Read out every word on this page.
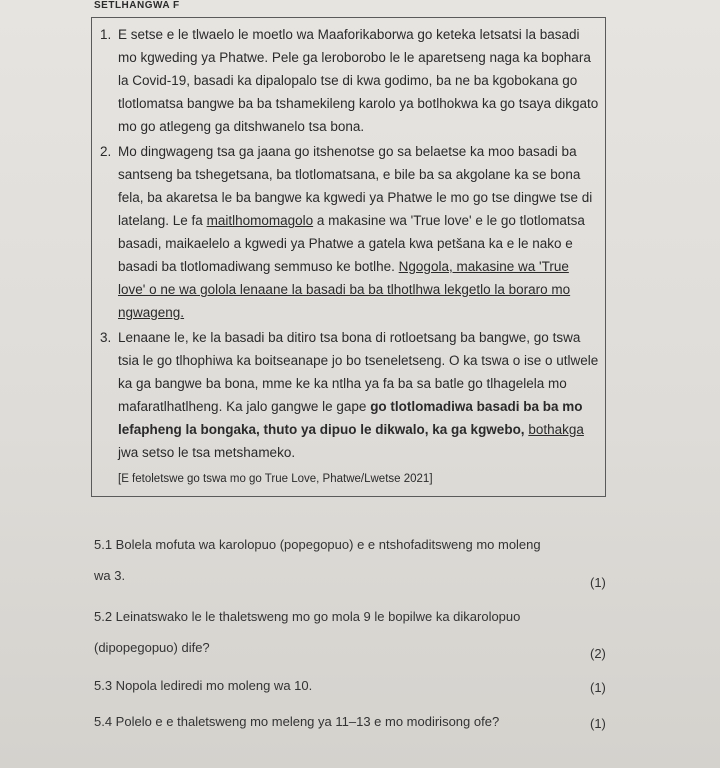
SETLHANGWA F
1. E setse e le tlwaelo le moetlo wa Maaforikaborwa go keteka letsatsi la basadi
mo kgweding ya Phatwe. Pele ga leroborobo le le aparetseng naga ka bophara
la Covid-19, basadi ka dipalopalo tse di kwa godimo, ba ne ba kgobokana go
tlotlomatsa bangwe ba ba tshamekileng karolo ya botlhokwa ka go tsaya dikgato
mo go atlegeng ga ditshwanelo tsa bona.
2. Mo dingwageng tsa ga jaana go itshenotse go sa belaetse ka moo basadi ba
santseng ba tshegetsana, ba tlotlomatsana, e bile ba sa akgolane ka se bona
fela, ba akaretsa le ba bangwe ka kgwedi ya Phatwe le mo go tse dingwe tse di
latelang. Le fa maitlhomomagolo a makasine wa 'True love' e le go tlotlomatsa
basadi, maikaelelo a kgwedi ya Phatwe a gatela kwa petšana ka e le nako e
basadi ba tlotlomadiwang semmuso ke botlhe. Ngogola, makasine wa 'True
love' o ne wa golola lenaane la basadi ba ba tlhotlhwa lekgetlo la boraro mo
ngwageng.
3. Lenaane le, ke la basadi ba ditiro tsa bona di rotloetsang ba bangwe, go tswa
tsia le go tlhophiwa ka boitseanape jo bo tseneletseng. O ka tswa o ise o utlwele
ka ga bangwe ba bona, mme ke ka ntlha ya fa ba sa batle go tlhagelela mo
mafaratlhatlheng. Ka jalo gangwe le gape go tlotlomadiwa basadi ba ba mo
lefapheng la bongaka, thuto ya dipuo le dikwalo, ka ga kgwebo, bothakga
jwa setso le tsa metshameko.
[E fetoletswe go tswa mo go True Love, Phatwe/Lwetse 2021]
5.1 Bolela mofuta wa karolopuo (popegopuo) e e ntshofaditsweng mo moleng
wa 3.	(1)
5.2 Leinatswako le le thaletsweng mo go mola 9 le bopilwe ka dikarolopuo
(dipopegopuo) dife?	(2)
5.3 Nopola lediredi mo moleng wa 10.	(1)
5.4 Polelo e e thaletsweng mo meleng ya 11–13 e mo modirisong ofe?	(1)
